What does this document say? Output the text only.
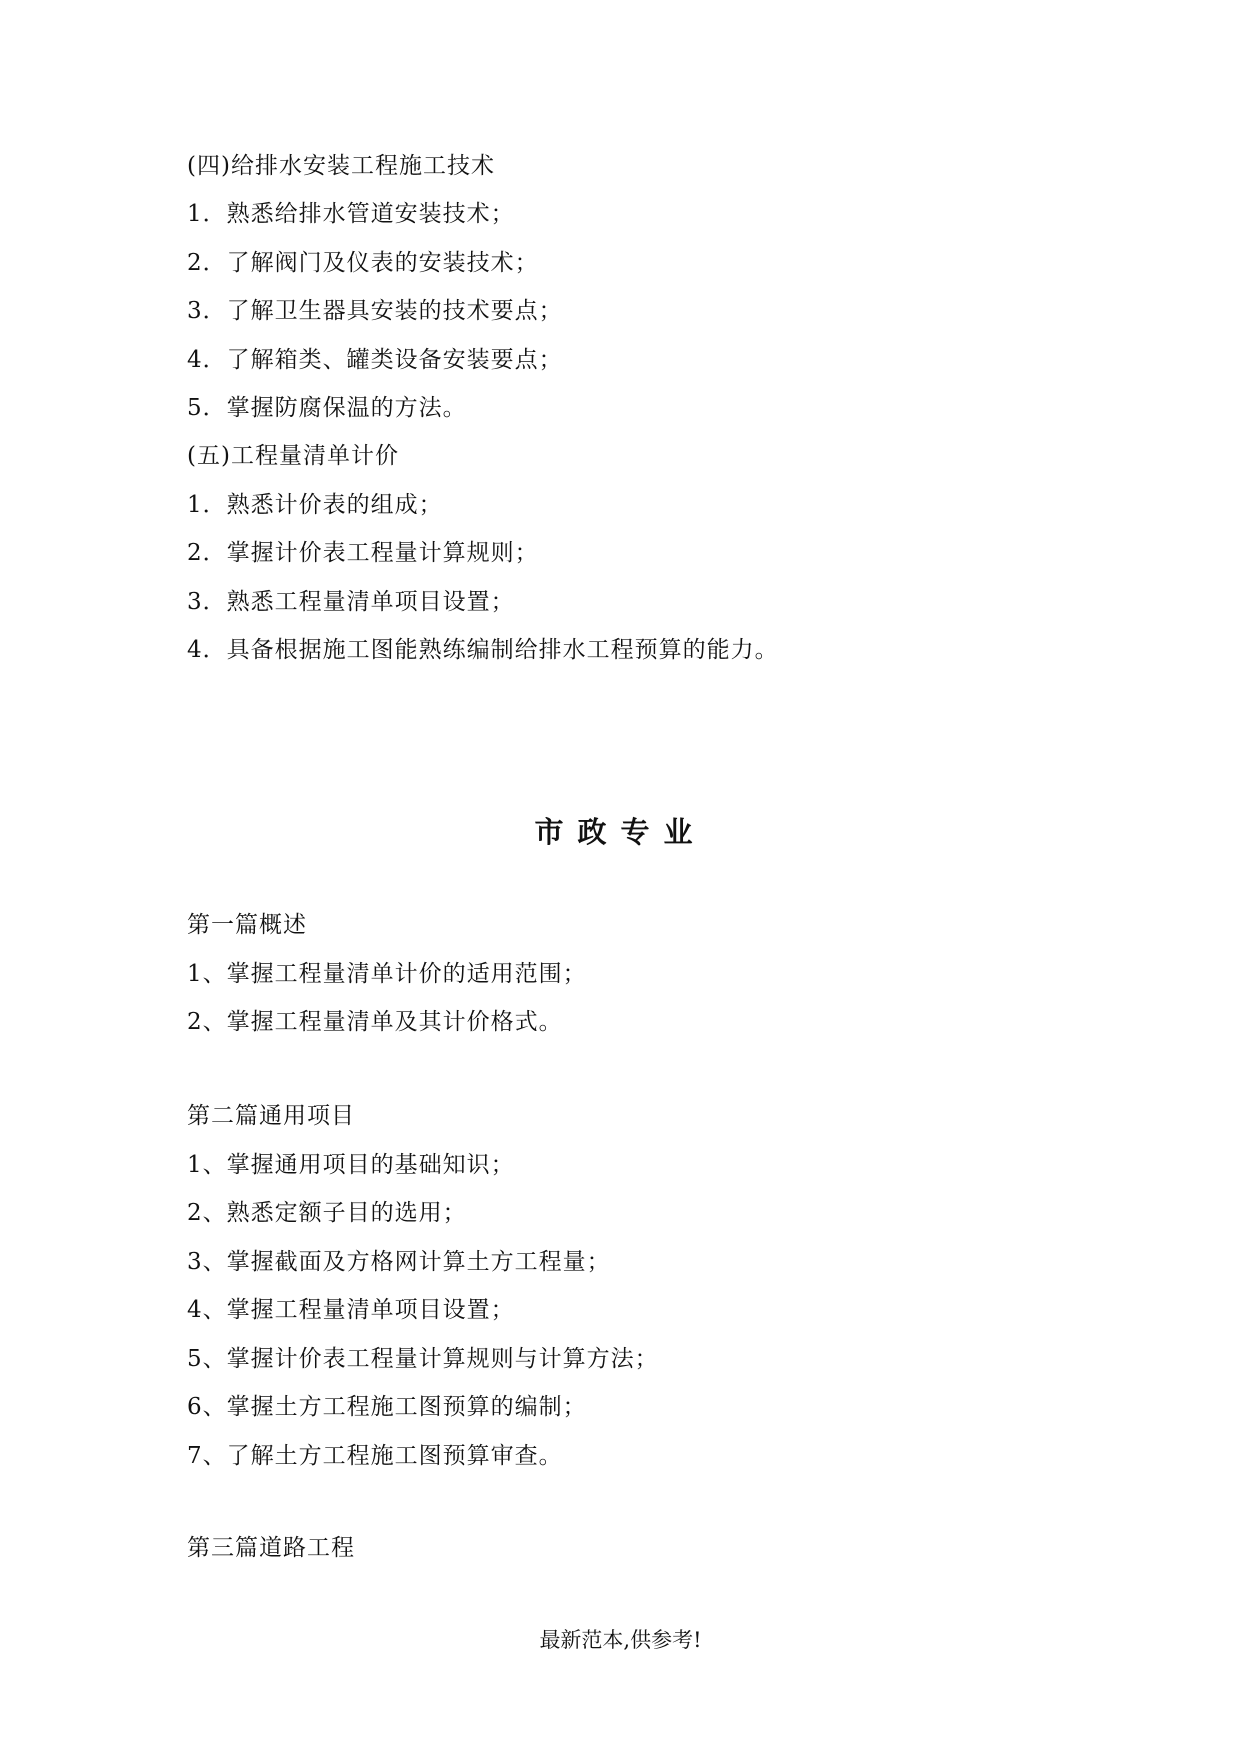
(四)给排水安装工程施工技术
1．熟悉给排水管道安装技术；
2．了解阀门及仪表的安装技术；
3．了解卫生器具安装的技术要点；
4．了解箱类、罐类设备安装要点；
5．掌握防腐保温的方法。
(五)工程量清单计价
1．熟悉计价表的组成；
2．掌握计价表工程量计算规则；
3．熟悉工程量清单项目设置；
4．具备根据施工图能熟练编制给排水工程预算的能力。
市政专业
第一篇概述
1、掌握工程量清单计价的适用范围；
2、掌握工程量清单及其计价格式。
第二篇通用项目
1、掌握通用项目的基础知识；
2、熟悉定额子目的选用；
3、掌握截面及方格网计算土方工程量；
4、掌握工程量清单项目设置；
5、掌握计价表工程量计算规则与计算方法；
6、掌握土方工程施工图预算的编制；
7、了解土方工程施工图预算审查。
第三篇道路工程
最新范本,供参考!
